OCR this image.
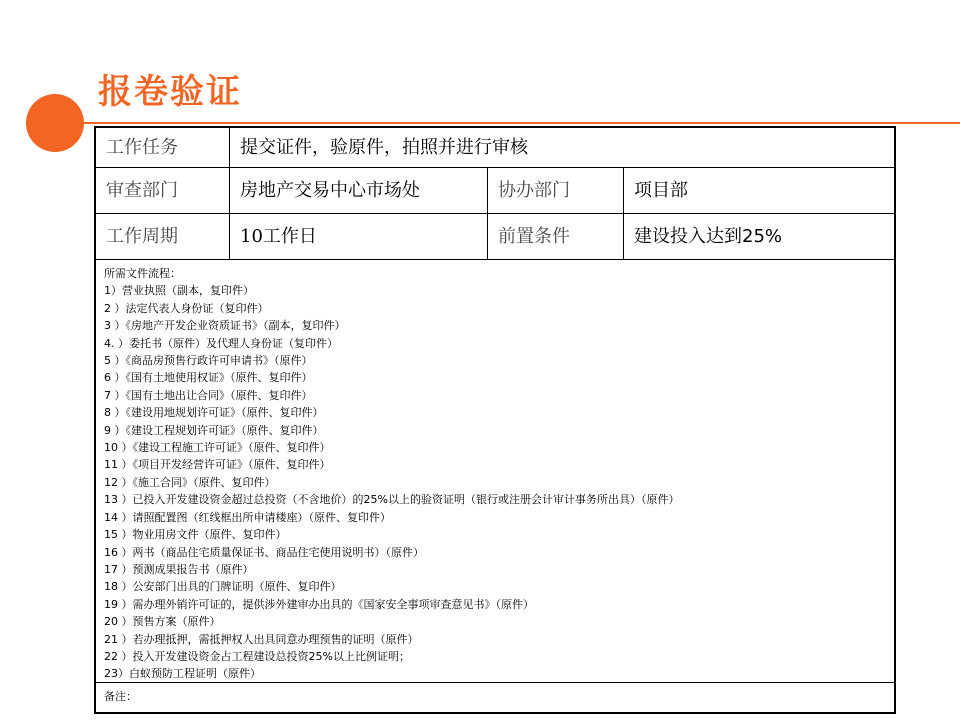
报卷验证
工作任务	提交证件，验原件，拍照并进行审核
审查部门	房地产交易中心市场处	协办部门	项目部
工作周期	10工作日	前置条件	建设投入达到25%
所需文件流程：
1）营业执照（副本，复印件）
2 ）法定代表人身份证（复印件）
3 ）《房地产开发企业资质证书》（副本，复印件）
4. ）委托书（原件）及代理人身份证（复印件）
5 ）《商品房预售行政许可申请书》（原件）
6 ）《国有土地使用权证》（原件、复印件）
7 ）《国有土地出让合同》（原件、复印件）
8 ）《建设用地规划许可证》（原件、复印件）
9 ）《建设工程规划许可证》（原件、复印件）
10 ）《建设工程施工许可证》（原件、复印件）
11 ）《项目开发经营许可证》（原件、复印件）
12 ）《施工合同》（原件、复印件）
13 ）已投入开发建设资金超过总投资（不含地价）的25%以上的验资证明（银行或注册会计审计事务所出具）（原件）
14 ）请照配置图（红线框出所申请楼座）（原件、复印件）
15 ）物业用房文件（原件、复印件）
16 ）两书（商品住宅质量保证书、商品住宅使用说明书）（原件）
17 ）预测成果报告书（原件）
18 ）公安部门出具的门牌证明（原件、复印件）
19 ）需办理外销许可证的，提供涉外建审办出具的《国家安全事项审查意见书》（原件）
20 ）预售方案（原件）
21 ）若办理抵押，需抵押权人出具同意办理预售的证明（原件）
22 ）投入开发建设资金占工程建设总投资25%以上比例证明；
23）白蚁预防工程证明（原件）
备注：
